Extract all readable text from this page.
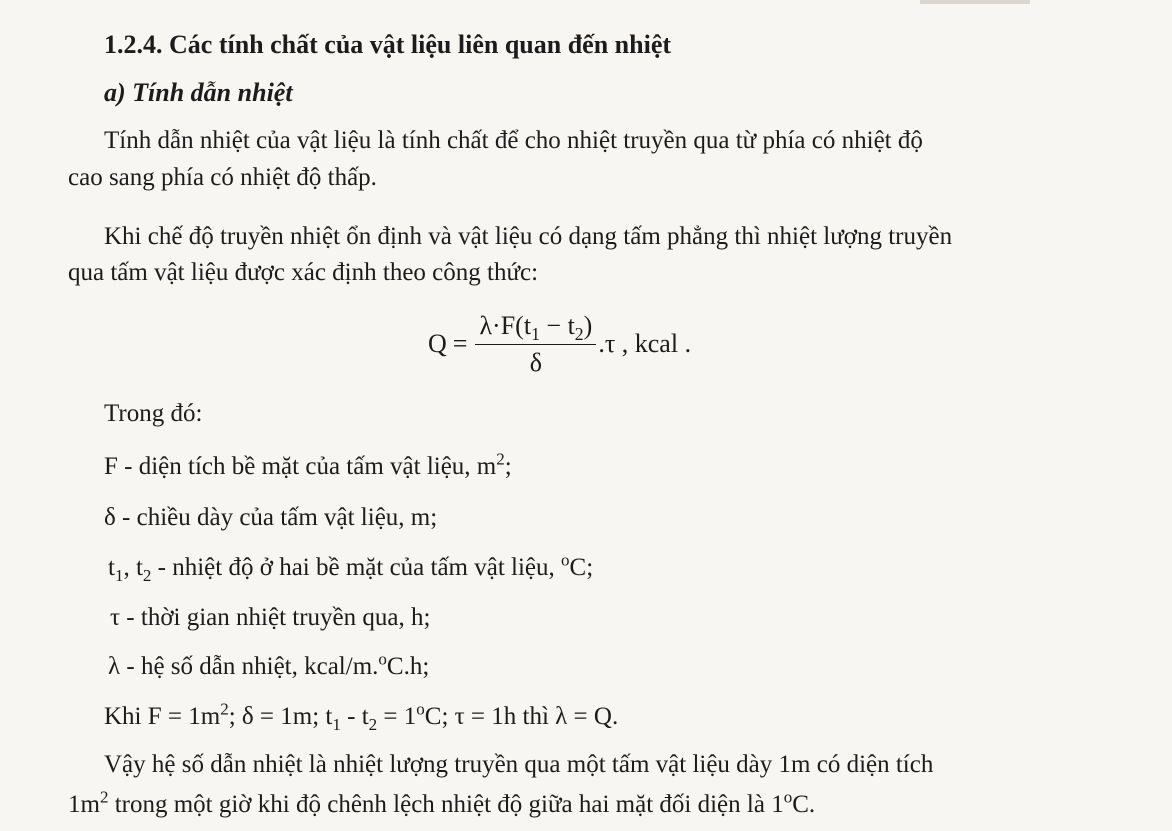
1.2.4. Các tính chất của vật liệu liên quan đến nhiệt
a) Tính dẫn nhiệt
Tính dẫn nhiệt của vật liệu là tính chất để cho nhiệt truyền qua từ phía có nhiệt độ
cao sang phía có nhiệt độ thấp.
Khi chế độ truyền nhiệt ổn định và vật liệu có dạng tấm phẳng thì nhiệt lượng truyền
qua tấm vật liệu được xác định theo công thức:
$Q = \frac{\lambda\cdot F(t_1 - t_2)}{\delta} .\tau$ , kcal .
Trong đó:
F - diện tích bề mặt của tấm vật liệu, $m^2$;
δ - chiều dày của tấm vật liệu, m;
$t_1$, $t_2$ - nhiệt độ ở hai bề mặt của tấm vật liệu, $^o$C;
τ - thời gian nhiệt truyền qua, h;
λ - hệ số dẫn nhiệt, kcal/m.$^o$C.h;
Khi $F = 1m^2$; δ = 1m; $t_1 - t_2 = 1^oC$; τ = 1h thì λ = Q.
Vậy hệ số dẫn nhiệt là nhiệt lượng truyền qua một tấm vật liệu dày 1m có diện tích
$1m^2$ trong một giờ khi độ chênh lệch nhiệt độ giữa hai mặt đối diện là 1$^o$C.
